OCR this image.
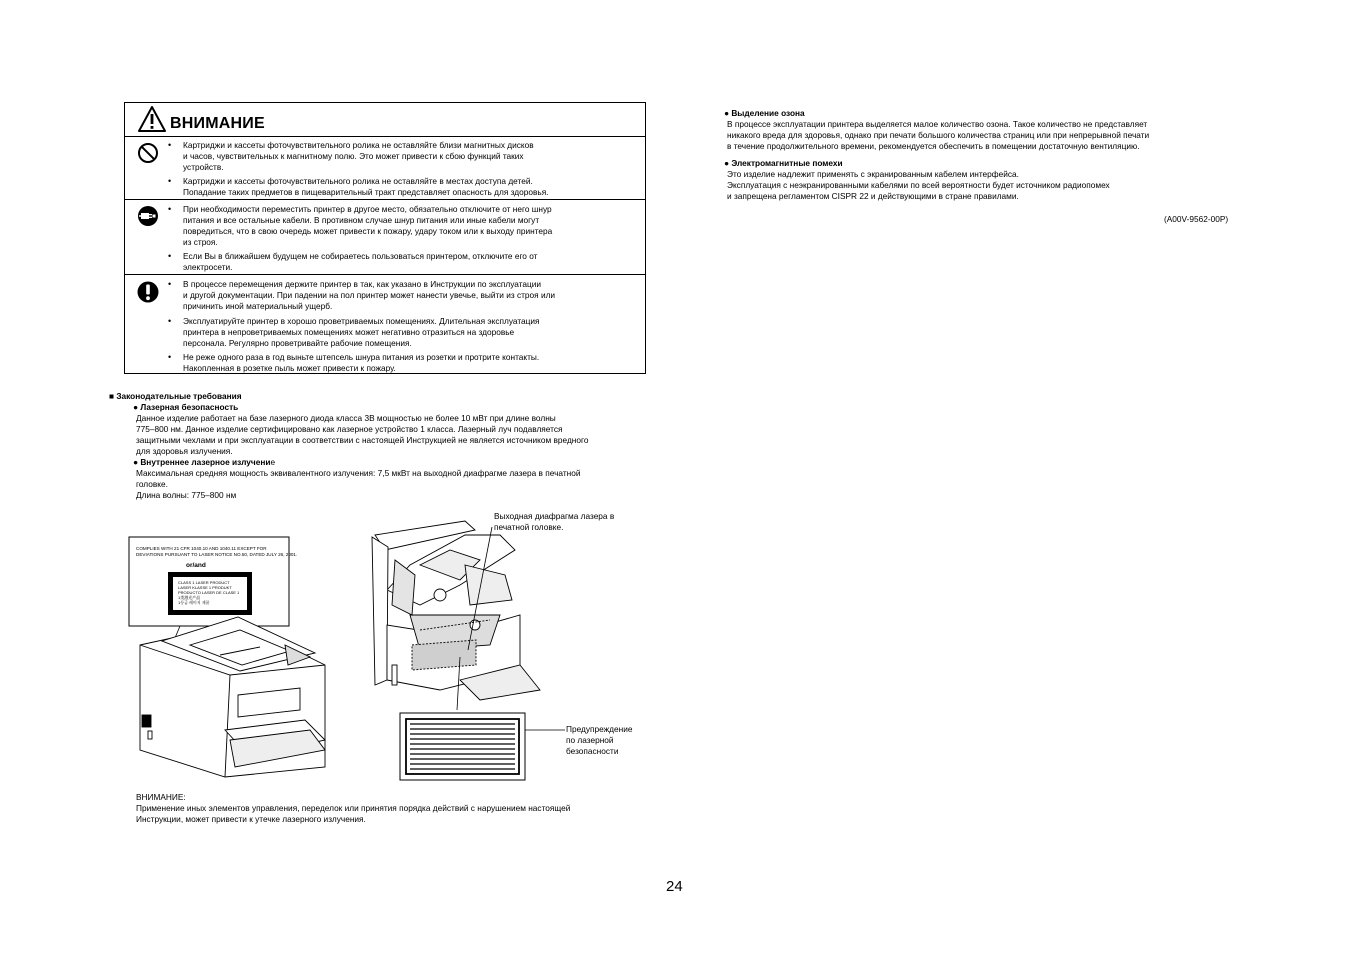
ВНИМАНИЕ
• Картриджи и кассеты фоточувствительного ролика не оставляйте близи магнитных дисков
и часов, чувствительных к магнитному полю. Это может привести к сбою функций таких
устройств.
• Картриджи и кассеты фоточувствительного ролика не оставляйте в местах доступа детей.
Попадание таких предметов в пищеварительный тракт представляет опасность для здоровья.
• При необходимости переместить принтер в другое место, обязательно отключите от него шнур
питания и все остальные кабели. В противном случае шнур питания или иные кабели могут
повредиться, что в свою очередь может привести к пожару, удару током или к выходу принтера
из строя.
• Если Вы в ближайшем будущем не собираетесь пользоваться принтером, отключите его от
электросети.
• В процессе перемещения держите принтер в так, как указано в Инструкции по эксплуатации
и другой документации. При падении на пол принтер может нанести увечье, выйти из строя или
причинить иной материальный ущерб.
• Эксплуатируйте принтер в хорошо проветриваемых помещениях. Длительная эксплуатация
принтера в непроветриваемых помещениях может негативно отразиться на здоровье
персонала. Регулярно проветривайте рабочие помещения.
• Не реже одного раза в год выньте штепсель шнура питания из розетки и протрите контакты.
Накопленная в розетке пыль может привести к пожару.
■ Законодательные требования
● Лазерная безопасность
Данное изделие работает на базе лазерного диода класса 3B мощностью не более 10 мВт при длине волны
775–800 нм. Данное изделие сертифицировано как лазерное устройство 1 класса. Лазерный луч подавляется
защитными чехлами и при эксплуатации в соответствии с настоящей Инструкцией не является источником вредного
для здоровья излучения.
● Внутреннее лазерное излучение
Максимальная средняя мощность эквивалентного излучения: 7,5 мкВт на выходной диафрагме лазера в печатной
головке.
Длина волны: 775–800 нм
COMPLIES WITH 21 CFR 1040.10 AND 1040.11 EXCEPT FOR
DEVIATIONS PURSUANT TO LASER NOTICE NO.50, DATED JULY 26, 2001.
or/and
CLASS 1 LASER PRODUCT
LASER KLASSE 1 PRODUKT
PRODUCTO LASER DE CLASE 1
1类激光产品
1등급 레이저 제품
Выходная диафрагма лазера в
печатной головке.
Предупреждение
по лазерной
безопасности
ВНИМАНИЕ:
Применение иных элементов управления, переделок или принятия порядка действий с нарушением настоящей
Инструкции, может привести к утечке лазерного излучения.
● Выделение озона
В процессе эксплуатации принтера выделяется малое количество озона. Такое количество не представляет
никакого вреда для здоровья, однако при печати большого количества страниц или при непрерывной печати
в течение продолжительного времени, рекомендуется обеспечить в помещении достаточную вентиляцию.
● Электромагнитные помехи
Это изделие надлежит применять с экранированным кабелем интерфейса.
Эксплуатация с неэкранированными кабелями по всей вероятности будет источником радиопомех
и запрещена регламентом CISPR 22 и действующими в стране правилами.
(A00V-9562-00P)
24
